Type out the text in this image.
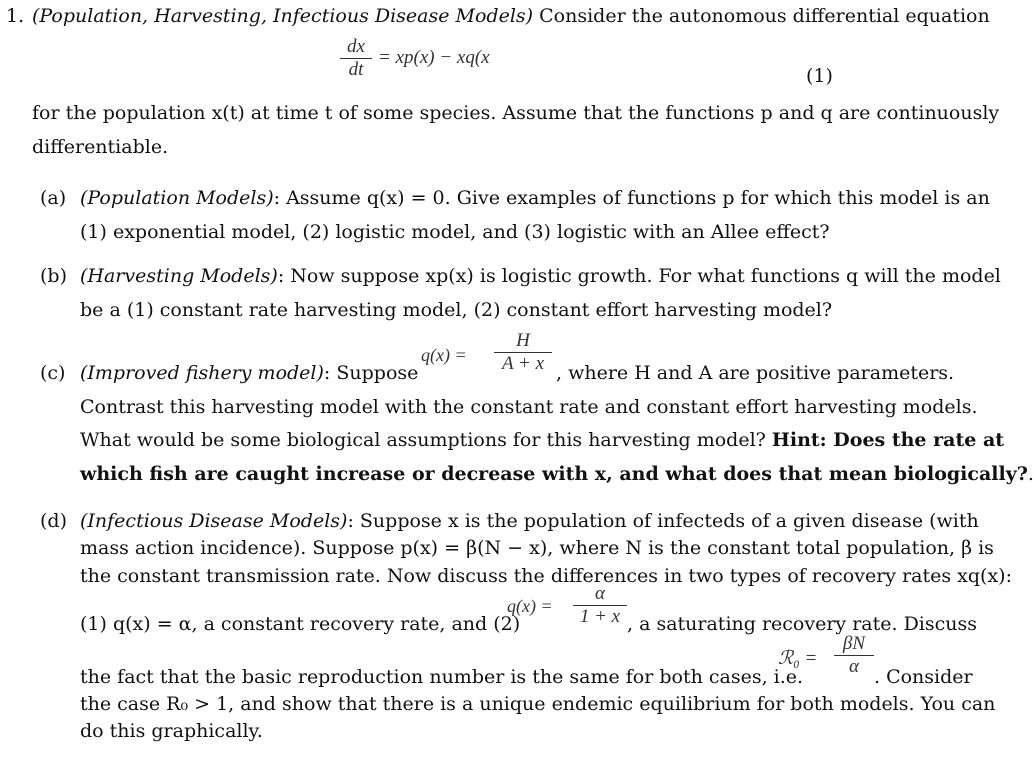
1. (Population, Harvesting, Infectious Disease Models) Consider the autonomous differential equation
dx
dt
= xp(x) − xq(x
(1)
for the population x(t) at time t of some species. Assume that the functions p and q are continuously
differentiable.
(a) (Population Models): Assume q(x) = 0. Give examples of functions p for which this model is an
(1) exponential model, (2) logistic model, and (3) logistic with an Allee effect?
(b) (Harvesting Models): Now suppose xp(x) is logistic growth. For what functions q will the model
be a (1) constant rate harvesting model, (2) constant effort harvesting model?
(c) (Improved fishery model): Suppose
q(x) =
H
A + x , where H and A are positive parameters.
Contrast this harvesting model with the constant rate and constant effort harvesting models.
What would be some biological assumptions for this harvesting model? Hint: Does the rate at
which fish are caught increase or decrease with x, and what does that mean biologically?.
(d) (Infectious Disease Models): Suppose x is the population of infecteds of a given disease (with
mass action incidence). Suppose p(x) = β(N − x), where N is the constant total population, β is
the constant transmission rate. Now discuss the differences in two types of recovery rates xq(x):
(1) q(x) = α, a constant recovery rate, and (2)
q(x) =
α
1 + x , a saturating recovery rate. Discuss
the fact that the basic reproduction number is the same for both cases, i.e.
ℛ₀ =
βN
α . Consider
the case R₀ > 1, and show that there is a unique endemic equilibrium for both models. You can
do this graphically.
